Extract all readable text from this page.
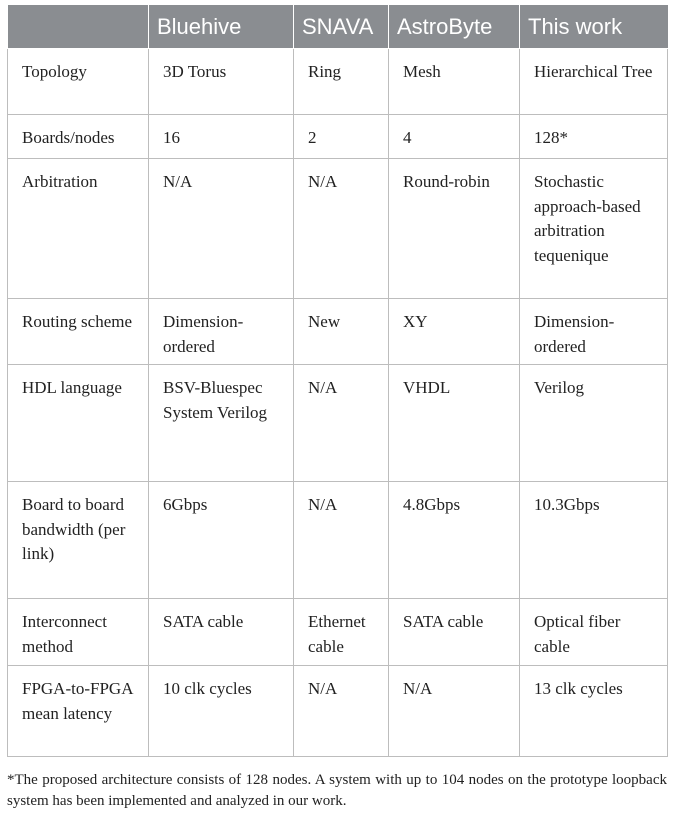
	Bluehive	SNAVA	AstroByte	This work
Topology	3D Torus	Ring	Mesh	Hierarchical Tree
Boards/nodes	16	2	4	128*
Arbitration	N/A	N/A	Round-robin	Stochastic approach-based arbitration tequenique
Routing scheme	Dimension-ordered	New	XY	Dimension-ordered
HDL language	BSV-Bluespec System Verilog	N/A	VHDL	Verilog
Board to board bandwidth (per link)	6Gbps	N/A	4.8Gbps	10.3Gbps
Interconnect method	SATA cable	Ethernet cable	SATA cable	Optical fiber cable
FPGA-to-FPGA mean latency	10 clk cycles	N/A	N/A	13 clk cycles
*The proposed architecture consists of 128 nodes. A system with up to 104 nodes on the prototype loopback system has been implemented and analyzed in our work.
